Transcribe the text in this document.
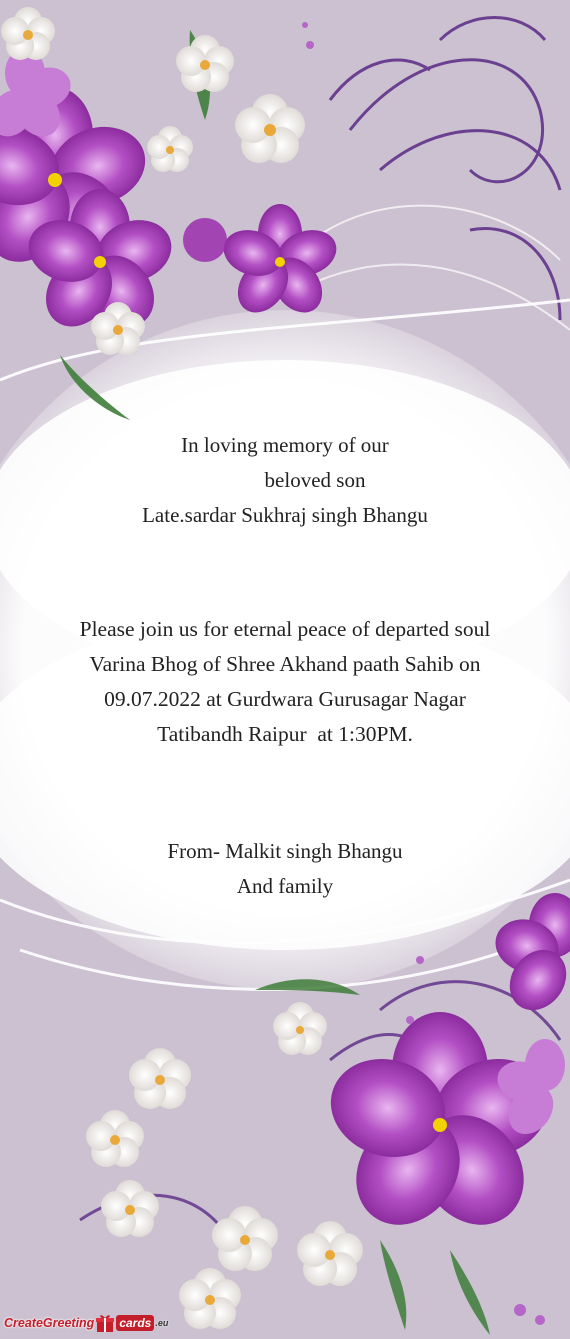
In loving memory of our
beloved son
Late.sardar Sukhraj singh Bhangu
Please join us for eternal peace of departed soul
Varina Bhog of Shree Akhand paath Sahib on
09.07.2022 at Gurdwara Gurusagar Nagar
Tatibandh Raipur  at 1:30PM.
From- Malkit singh Bhangu
And family
CreateGreeting cards .eu
